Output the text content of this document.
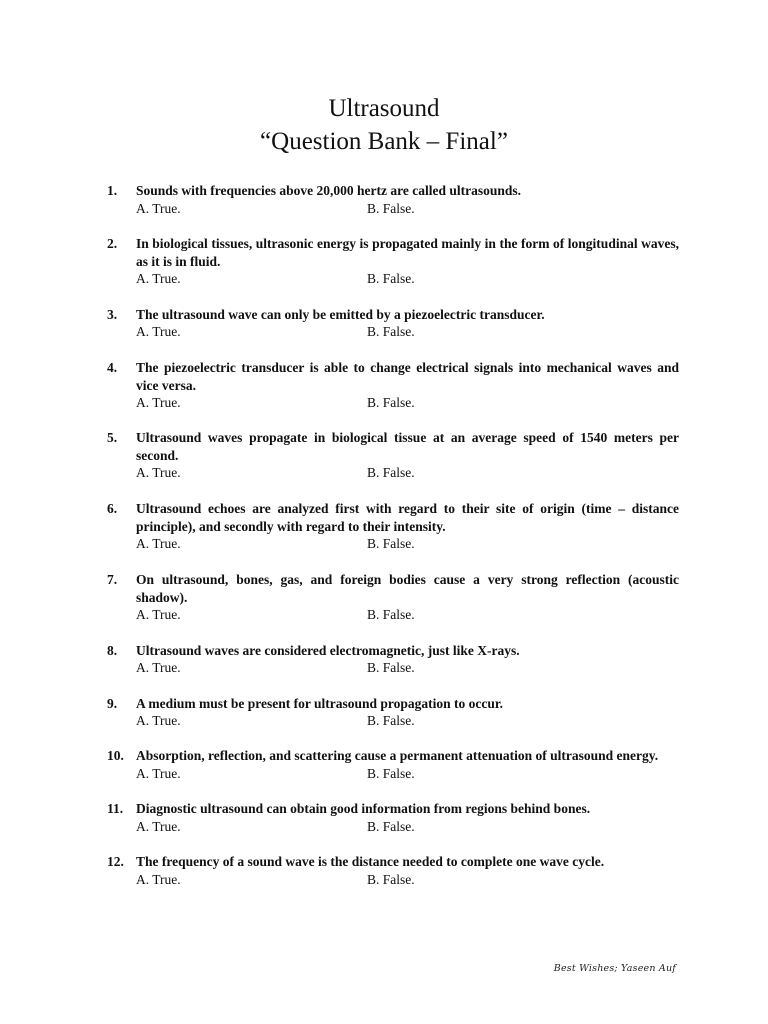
Ultrasound
“Question Bank – Final”
1. Sounds with frequencies above 20,000 hertz are called ultrasounds.
A. True.	B. False.
2. In biological tissues, ultrasonic energy is propagated mainly in the form of longitudinal waves, as it is in fluid.
A. True.	B. False.
3. The ultrasound wave can only be emitted by a piezoelectric transducer.
A. True.	B. False.
4. The piezoelectric transducer is able to change electrical signals into mechanical waves and vice versa.
A. True.	B. False.
5. Ultrasound waves propagate in biological tissue at an average speed of 1540 meters per second.
A. True.	B. False.
6. Ultrasound echoes are analyzed first with regard to their site of origin (time – distance principle), and secondly with regard to their intensity.
A. True.	B. False.
7. On ultrasound, bones, gas, and foreign bodies cause a very strong reflection (acoustic shadow).
A. True.	B. False.
8. Ultrasound waves are considered electromagnetic, just like X-rays.
A. True.	B. False.
9. A medium must be present for ultrasound propagation to occur.
A. True.	B. False.
10. Absorption, reflection, and scattering cause a permanent attenuation of ultrasound energy.
A. True.	B. False.
11. Diagnostic ultrasound can obtain good information from regions behind bones.
A. True.	B. False.
12. The frequency of a sound wave is the distance needed to complete one wave cycle.
A. True.	B. False.
Best Wishes; Yaseen Auf
